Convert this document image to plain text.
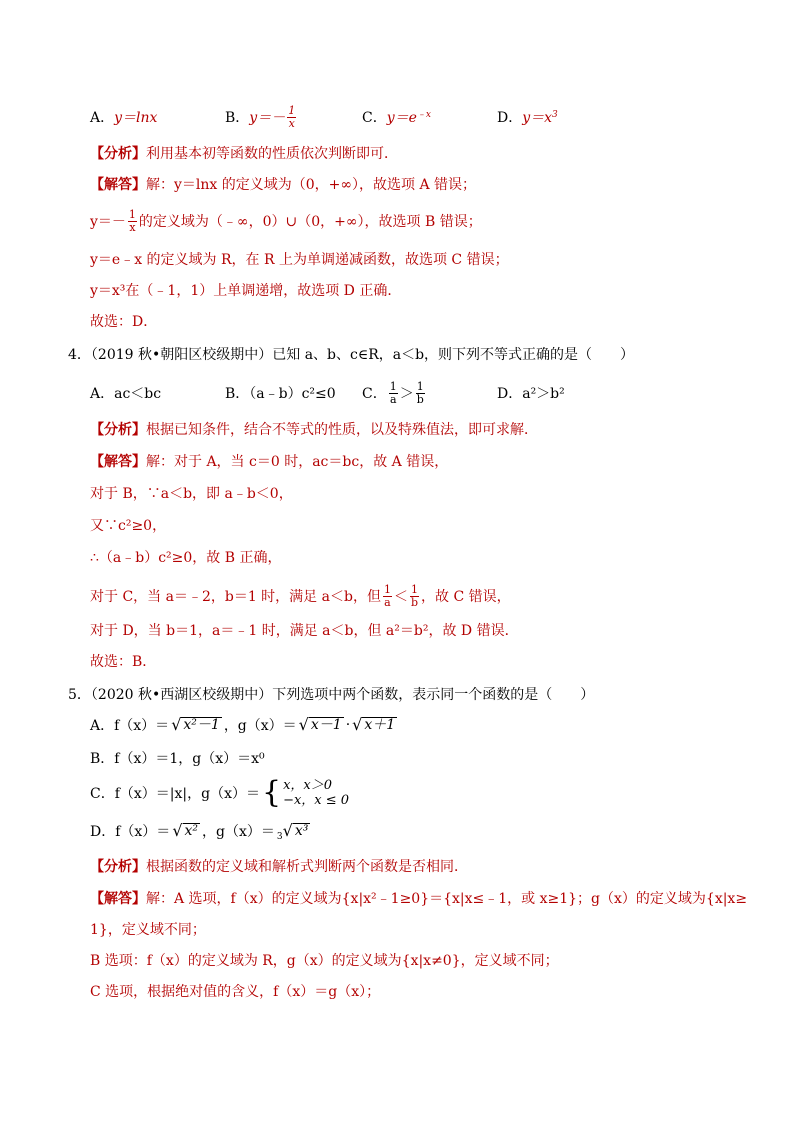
A． y＝lnx	B． $y=- \frac{1}{x}$	C． $y=e^{﹣x}$	D． $y=x^3$
【分析】 利用基本初等函数的性质依次判断即可．
【解答】 解：y＝lnx 的定义域为（0，+∞），故选项 A 错误；
$y=- \frac{1}{x}$ 的定义域为（﹣∞，0）∪（0，+∞），故选项 B 错误；
y＝e﹣x 的定义域为 R，在 R 上为单调递减函数，故选项 C 错误；
y＝x³在（﹣1，1）上单调递增，故选项 D 正确．
故选：D．
4．（2019 秋•朝阳区校级期中）已知 a、b、c∈R，a＜b，则下列不等式正确的是（　　）
A．ac＜bc	B．（a﹣b）c²≤0 C． $\frac{1}{a} > \frac{1}{b}$	D．a²＞b²
【分析】 根据已知条件，结合不等式的性质，以及特殊值法，即可求解．
【解答】 解：对于 A，当 c＝0 时，ac＝bc，故 A 错误，
对于 B，∵a＜b，即 a﹣b＜0，
又∵c²≥0，
∴（a﹣b）c²≥0，故 B 正确，
对于 C，当 a＝﹣2，b＝1 时，满足 a＜b，但 $\frac{1}{a} < \frac{1}{b}$ ，故 C 错误，
对于 D，当 b＝1，a＝﹣1 时，满足 a＜b，但 a²＝b²，故 D 错误．
故选：B．
5．（2020 秋•西湖区校级期中）下列选项中两个函数，表示同一个函数的是（　　）
A．f（x）＝ √ x²－1 ，g（x）＝ √ x－1 · √ x＋1
B．f（x）＝1，g（x）＝x⁰
C．f（x）＝|x|，g（x）＝ { x，x＞0
−x，x ≤ 0
D．f（x）＝ √ x² ，g（x）＝$^3$ √ x³
【分析】 根据函数的定义域和解析式判断两个函数是否相同．
【解答】 解：A 选项，f（x）的定义域为{x|x²﹣1≥0}＝{x|x≤﹣1，或 x≥1}；g（x）的定义域为{x|x≥
1}，定义域不同；
B 选项：f（x）的定义域为 R，g（x）的定义域为{x|x≠0}，定义域不同；
C 选项，根据绝对值的含义，f（x）＝g（x）；
